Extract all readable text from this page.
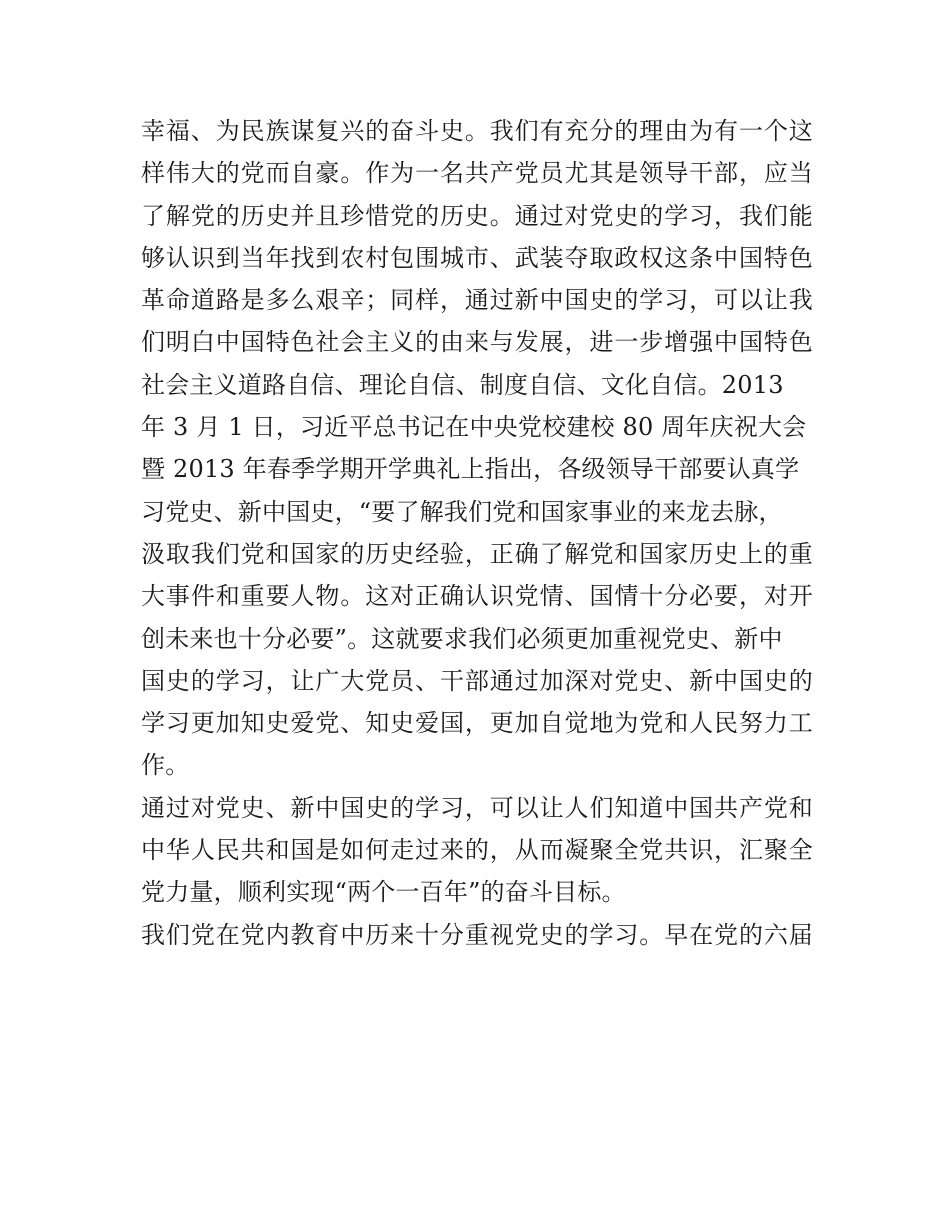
幸福、为民族谋复兴的奋斗史。我们有充分的理由为有一个这
样伟大的党而自豪。作为一名共产党员尤其是领导干部，应当
了解党的历史并且珍惜党的历史。通过对党史的学习，我们能
够认识到当年找到农村包围城市、武装夺取政权这条中国特色
革命道路是多么艰辛；同样，通过新中国史的学习，可以让我
们明白中国特色社会主义的由来与发展，进一步增强中国特色
社会主义道路自信、理论自信、制度自信、文化自信。2013
年 3 月 1 日，习近平总书记在中央党校建校 80 周年庆祝大会
暨 2013 年春季学期开学典礼上指出，各级领导干部要认真学
习党史、新中国史，“要了解我们党和国家事业的来龙去脉，
汲取我们党和国家的历史经验，正确了解党和国家历史上的重
大事件和重要人物。这对正确认识党情、国情十分必要，对开
创未来也十分必要”。这就要求我们必须更加重视党史、新中
国史的学习，让广大党员、干部通过加深对党史、新中国史的
学习更加知史爱党、知史爱国，更加自觉地为党和人民努力工
作。
通过对党史、新中国史的学习，可以让人们知道中国共产党和
中华人民共和国是如何走过来的，从而凝聚全党共识，汇聚全
党力量，顺利实现“两个一百年”的奋斗目标。
我们党在党内教育中历来十分重视党史的学习。早在党的六届
